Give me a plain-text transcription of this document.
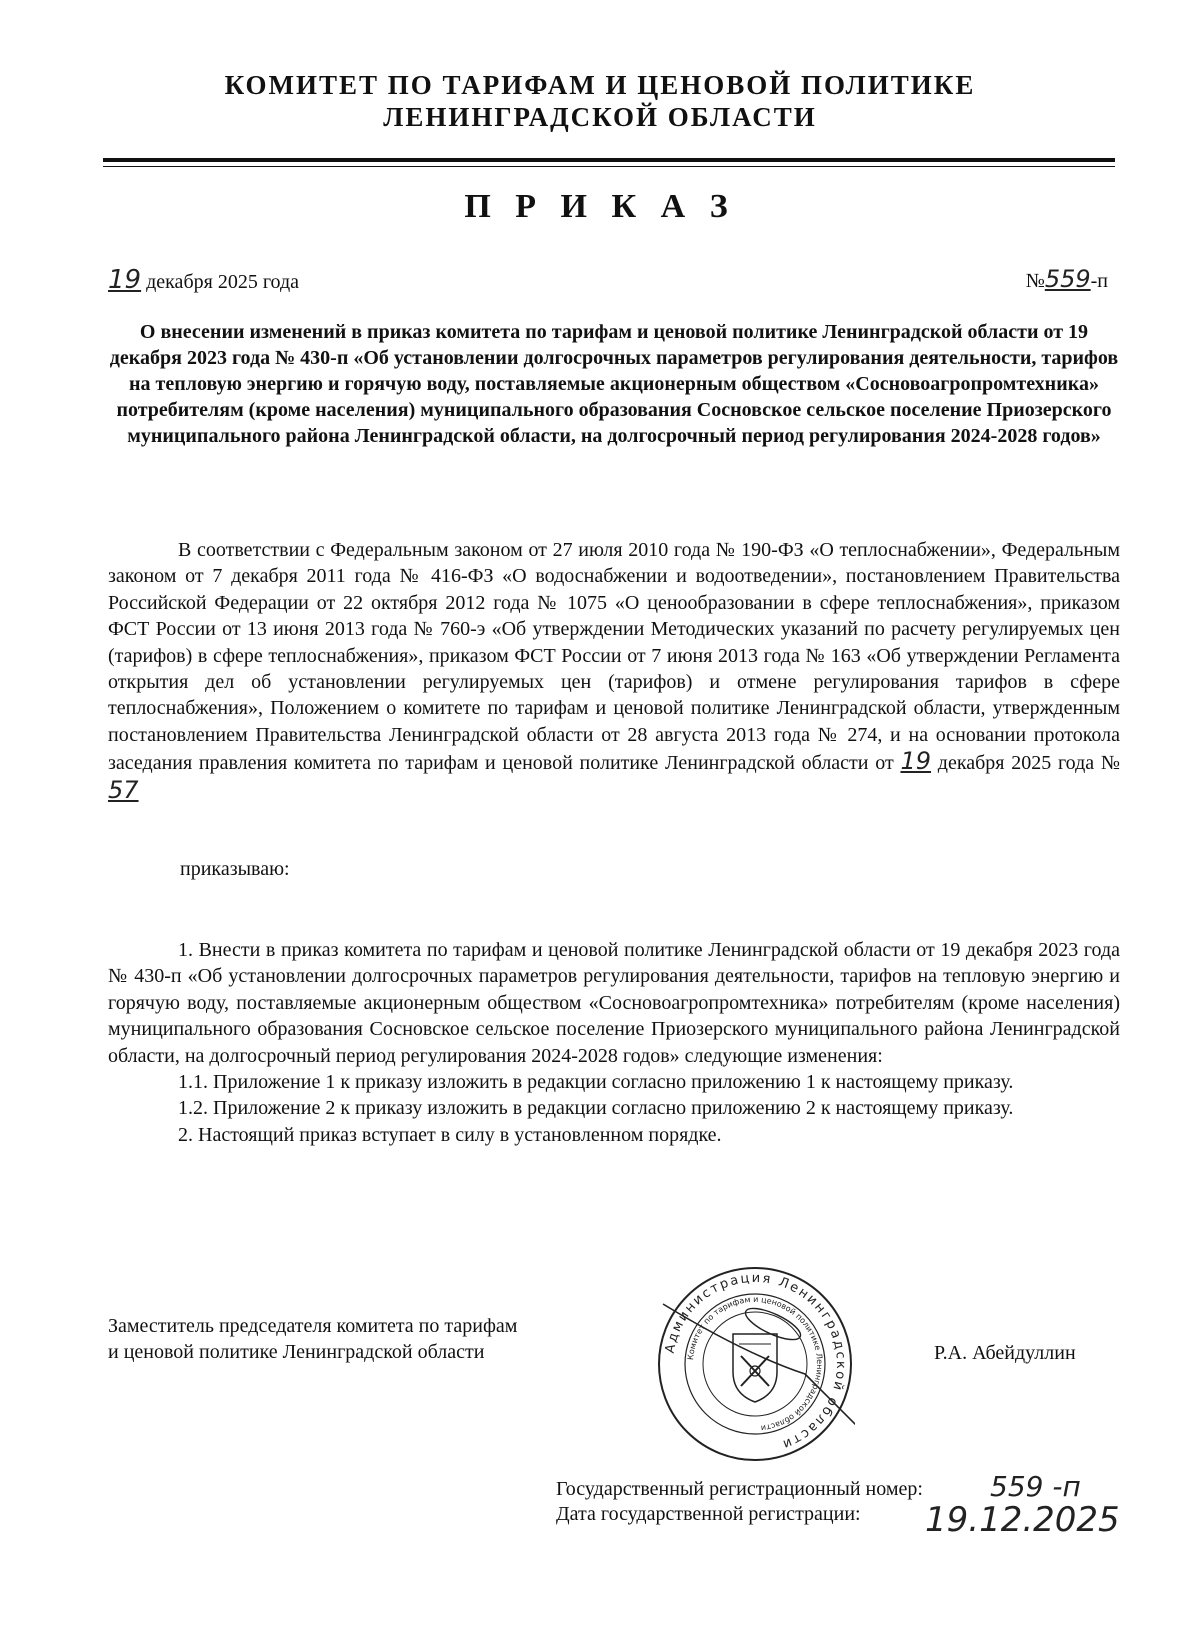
КОМИТЕТ ПО ТАРИФАМ И ЦЕНОВОЙ ПОЛИТИКЕ
ЛЕНИНГРАДСКОЙ ОБЛАСТИ
П Р И К А З
19 декабря 2025 года	№559-п
О внесении изменений в приказ комитета по тарифам и ценовой политике Ленинградской области от 19 декабря 2023 года № 430-п «Об установлении долгосрочных параметров регулирования деятельности, тарифов на тепловую энергию и горячую воду, поставляемые акционерным обществом «Сосновоагропромтехника» потребителям (кроме населения) муниципального образования Сосновское сельское поселение Приозерского муниципального района Ленинградской области, на долгосрочный период регулирования 2024-2028 годов»
В соответствии с Федеральным законом от 27 июля 2010 года № 190-ФЗ «О теплоснабжении», Федеральным законом от 7 декабря 2011 года № 416-ФЗ «О водоснабжении и водоотведении», постановлением Правительства Российской Федерации от 22 октября 2012 года № 1075 «О ценообразовании в сфере теплоснабжения», приказом ФСТ России от 13 июня 2013 года № 760-э «Об утверждении Методических указаний по расчету регулируемых цен (тарифов) в сфере теплоснабжения», приказом ФСТ России от 7 июня 2013 года № 163 «Об утверждении Регламента открытия дел об установлении регулируемых цен (тарифов) и отмене регулирования тарифов в сфере теплоснабжения», Положением о комитете по тарифам и ценовой политике Ленинградской области, утвержденным постановлением Правительства Ленинградской области от 28 августа 2013 года № 274, и на основании протокола заседания правления комитета по тарифам и ценовой политике Ленинградской области от 19 декабря 2025 года № 57
приказываю:

1. Внести в приказ комитета по тарифам и ценовой политике Ленинградской области от 19 декабря 2023 года № 430-п «Об установлении долгосрочных параметров регулирования деятельности, тарифов на тепловую энергию и горячую воду, поставляемые акционерным обществом «Сосновоагропромтехника» потребителям (кроме населения) муниципального образования Сосновское сельское поселение Приозерского муниципального района Ленинградской области, на долгосрочный период регулирования 2024-2028 годов» следующие изменения:

1.1. Приложение 1 к приказу изложить в редакции согласно приложению 1 к настоящему приказу.

1.2. Приложение 2 к приказу изложить в редакции согласно приложению 2 к настоящему приказу.

2. Настоящий приказ вступает в силу в установленном порядке.

Заместитель председателя комитета по тарифам
и ценовой политике Ленинградской области	Р.А. Абейдуллин
Администрация Ленинградской области
Комитет по тарифам и ценовой политике Ленинградской области
Государственный регистрационный номер:
Дата государственной регистрации:
559 -п
19.12.2025
